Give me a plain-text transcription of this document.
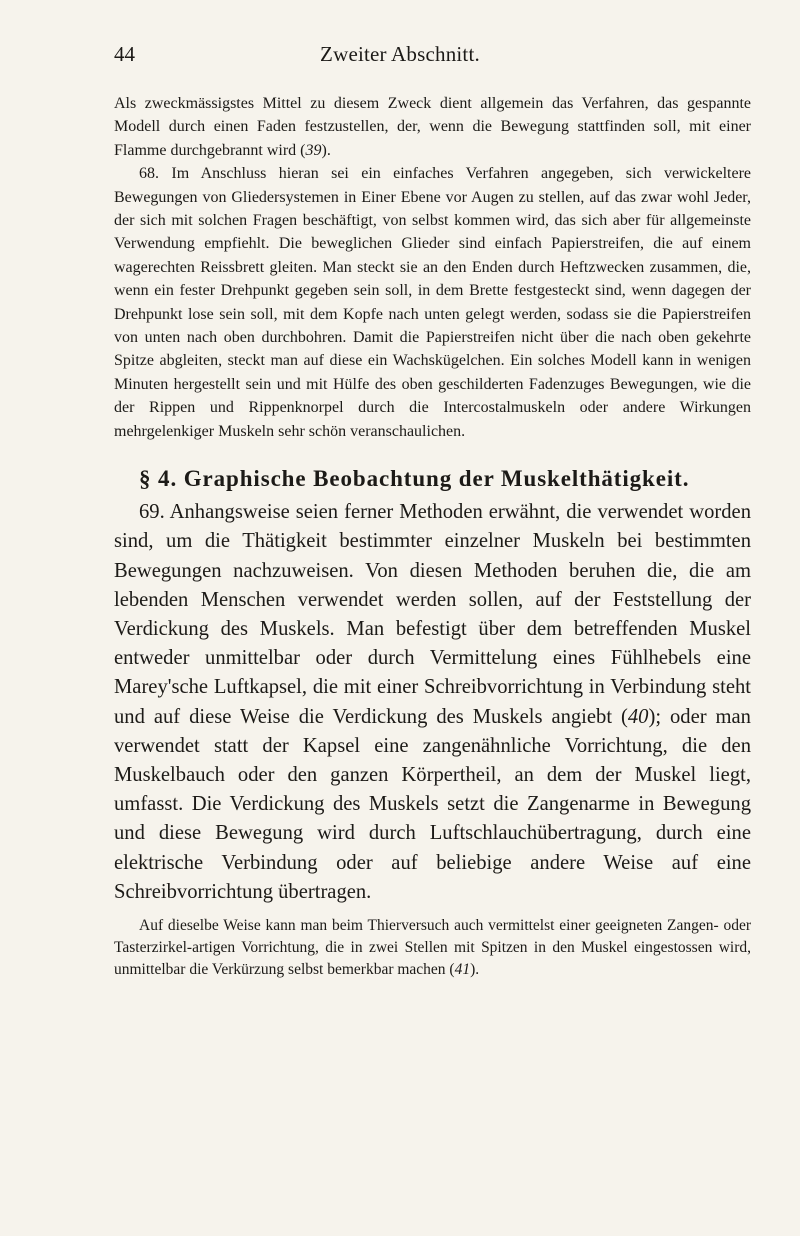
44	Zweiter Abschnitt.

Als zweckmässigstes Mittel zu diesem Zweck dient allgemein das Verfahren, das gespannte Modell durch einen Faden festzustellen, der, wenn die Bewegung stattfinden soll, mit einer Flamme durchgebrannt wird (39).

68. Im Anschluss hieran sei ein einfaches Verfahren angegeben, sich verwickeltere Bewegungen von Gliedersystemen in Einer Ebene vor Augen zu stellen, auf das zwar wohl Jeder, der sich mit solchen Fragen beschäftigt, von selbst kommen wird, das sich aber für allgemeinste Verwendung empfiehlt. Die beweglichen Glieder sind einfach Papierstreifen, die auf einem wagerechten Reissbrett gleiten. Man steckt sie an den Enden durch Heftzwecken zusammen, die, wenn ein fester Drehpunkt gegeben sein soll, in dem Brette festgesteckt sind, wenn dagegen der Drehpunkt lose sein soll, mit dem Kopfe nach unten gelegt werden, sodass sie die Papierstreifen von unten nach oben durchbohren. Damit die Papierstreifen nicht über die nach oben gekehrte Spitze abgleiten, steckt man auf diese ein Wachskügelchen. Ein solches Modell kann in wenigen Minuten hergestellt sein und mit Hülfe des oben geschilderten Fadenzuges Bewegungen, wie die der Rippen und Rippenknorpel durch die Intercostalmuskeln oder andere Wirkungen mehrgelenkiger Muskeln sehr schön veranschaulichen.

§ 4. Graphische Beobachtung der Muskelthätigkeit.

69. Anhangsweise seien ferner Methoden erwähnt, die verwendet worden sind, um die Thätigkeit bestimmter einzelner Muskeln bei bestimmten Bewegungen nachzuweisen. Von diesen Methoden beruhen die, die am lebenden Menschen verwendet werden sollen, auf der Feststellung der Verdickung des Muskels. Man befestigt über dem betreffenden Muskel entweder unmittelbar oder durch Vermittelung eines Fühlhebels eine Marey'sche Luftkapsel, die mit einer Schreibvorrichtung in Verbindung steht und auf diese Weise die Verdickung des Muskels angiebt (40); oder man verwendet statt der Kapsel eine zangenähnliche Vorrichtung, die den Muskelbauch oder den ganzen Körpertheil, an dem der Muskel liegt, umfasst. Die Verdickung des Muskels setzt die Zangenarme in Bewegung und diese Bewegung wird durch Luftschlauchübertragung, durch eine elektrische Verbindung oder auf beliebige andere Weise auf eine Schreibvorrichtung übertragen.

Auf dieselbe Weise kann man beim Thierversuch auch vermittelst einer geeigneten Zangen- oder Tasterzirkel-artigen Vorrichtung, die in zwei Stellen mit Spitzen in den Muskel eingestossen wird, unmittelbar die Verkürzung selbst bemerkbar machen (41).
